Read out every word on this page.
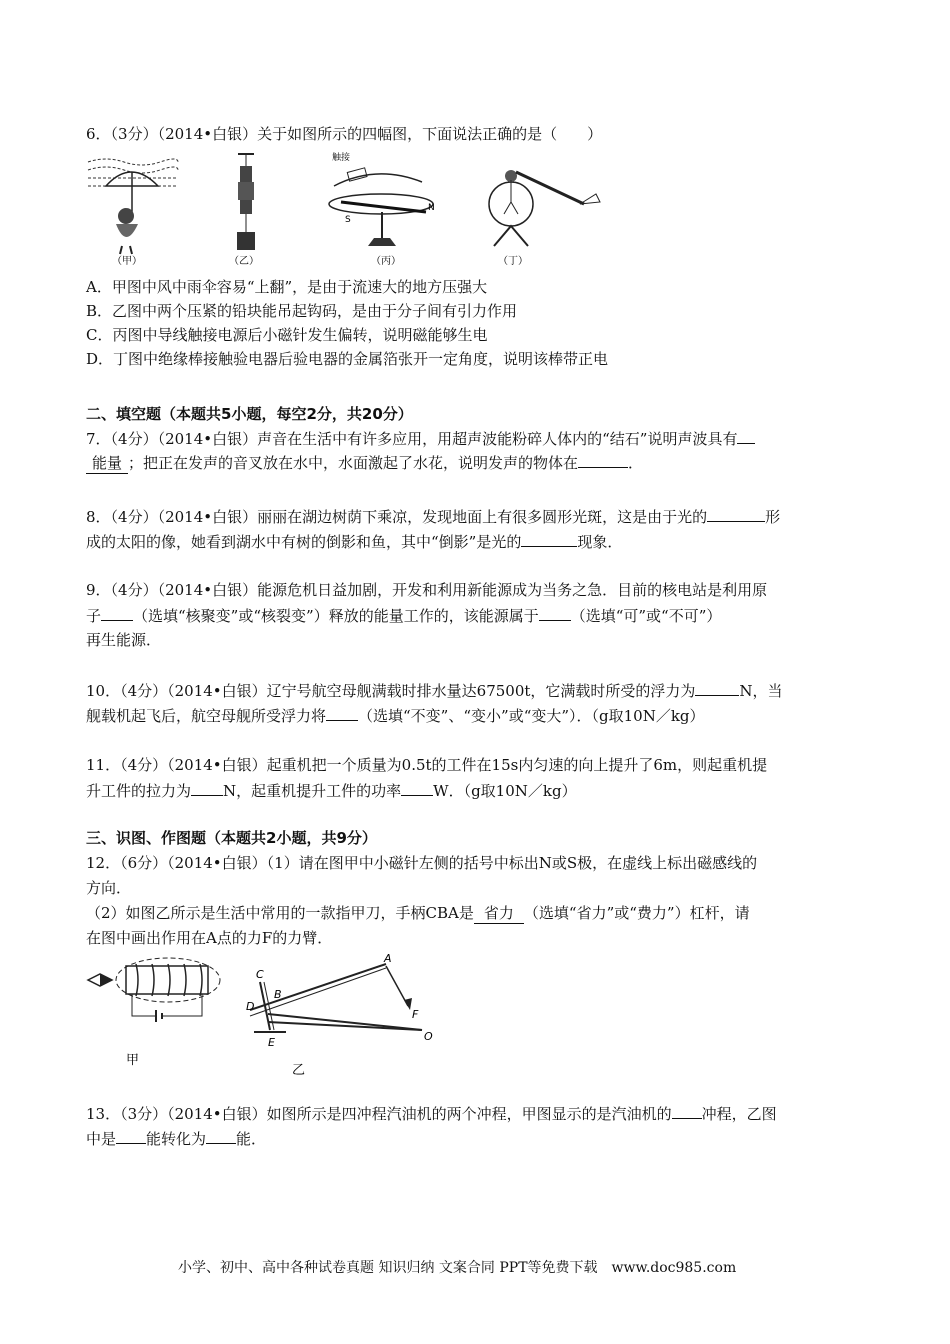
6．（3分）（2014•白银）关于如图所示的四幅图，下面说法正确的是（　　）
（甲）	（乙）
触接
S
N
（丙）	（丁）
A．甲图中风中雨伞容易“上翻”，是由于流速大的地方压强大
B．乙图中两个压紧的铅块能吊起钩码，是由于分子间有引力作用
C．丙图中导线触接电源后小磁针发生偏转，说明磁能够生电
D．丁图中绝缘棒接触验电器后验电器的金属箔张开一定角度，说明该棒带正电
二、填空题（本题共5小题，每空2分，共20分）
7．（4分）（2014•白银）声音在生活中有许多应用，用超声波能粉碎人体内的“结石”说明声波具有
能量 ；把正在发声的音叉放在水中，水面激起了水花，说明发声的物体在	．
8．（4分）（2014•白银）丽丽在湖边树荫下乘凉，发现地面上有很多圆形光斑，这是由于光的	形
成的太阳的像，她看到湖水中有树的倒影和鱼，其中“倒影”是光的	现象．
9．（4分）（2014•白银）能源危机日益加剧，开发和利用新能源成为当务之急．目前的核电站是利用原
子 （选填“核聚变”或“核裂变”）释放的能量工作的，该能源属于 （选填“可”或“不可”）
再生能源．
10．（4分）（2014•白银）辽宁号航空母舰满载时排水量达67500t，它满载时所受的浮力为	N，当
舰载机起飞后，航空母舰所受浮力将 （选填“不变”、“变小”或“变大”）．（g取10N／kg）
11．（4分）（2014•白银）起重机把一个质量为0.5t的工件在15s内匀速的向上提升了6m，则起重机提
升工件的拉力为 N，起重机提升工件的功率 W．（g取10N／kg）
三、识图、作图题（本题共2小题，共9分）
12．（6分）（2014•白银）（1）请在图甲中小磁针左侧的括号中标出N或S极，在虚线上标出磁感线的
方向．
（2）如图乙所示是生活中常用的一款指甲刀，手柄CBA是 省力 （选填“省力”或“费力”）杠杆，请
在图中画出作用在A点的力F的力臂．
甲
C
B
D
E
A
F
O
乙
13．（3分）（2014•白银）如图所示是四冲程汽油机的两个冲程，甲图显示的是汽油机的 冲程，乙图
中是 能转化为 能．
小学、初中、高中各种试卷真题 知识归纳 文案合同 PPT等免费下载　www.doc985.com
